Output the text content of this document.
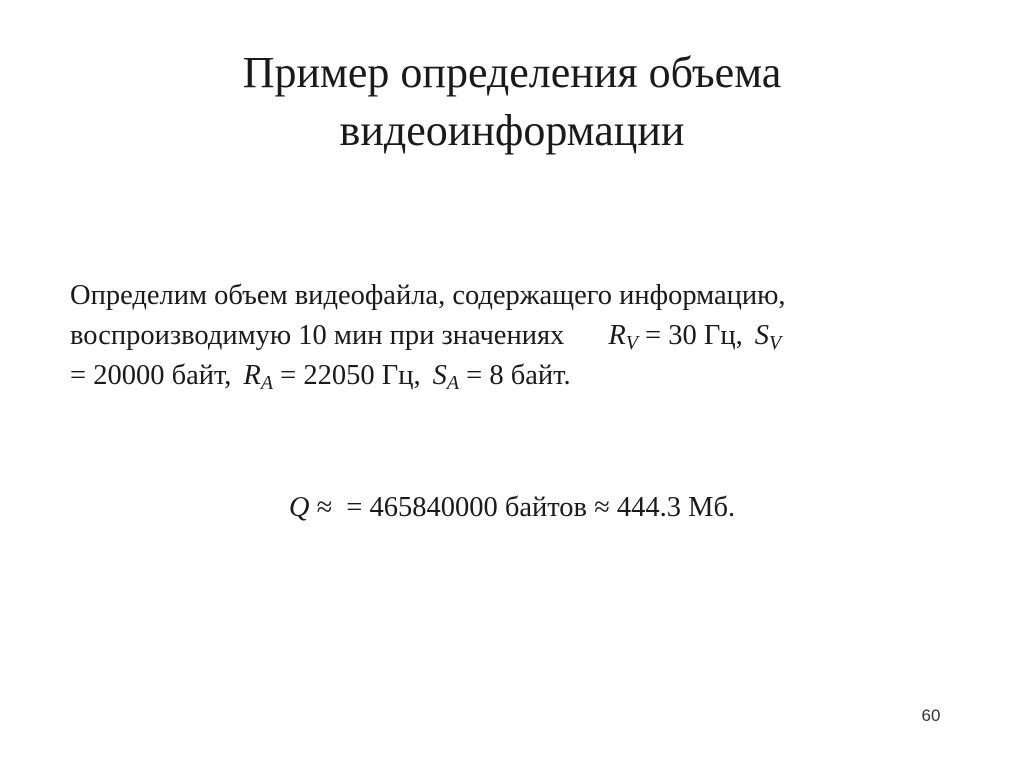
Пример определения объема
видеоинформации
Определим объем видеофайла, содержащего информацию,
воспроизводимую 10 мин при значениях $R_V = 30$ Гц, $S_V$
= 20000 байт, $R_A = 22050$ Гц, $S_A = 8$ байт.
Q ≈ = 465840000 байтов ≈ 444.3 Мб.
60
